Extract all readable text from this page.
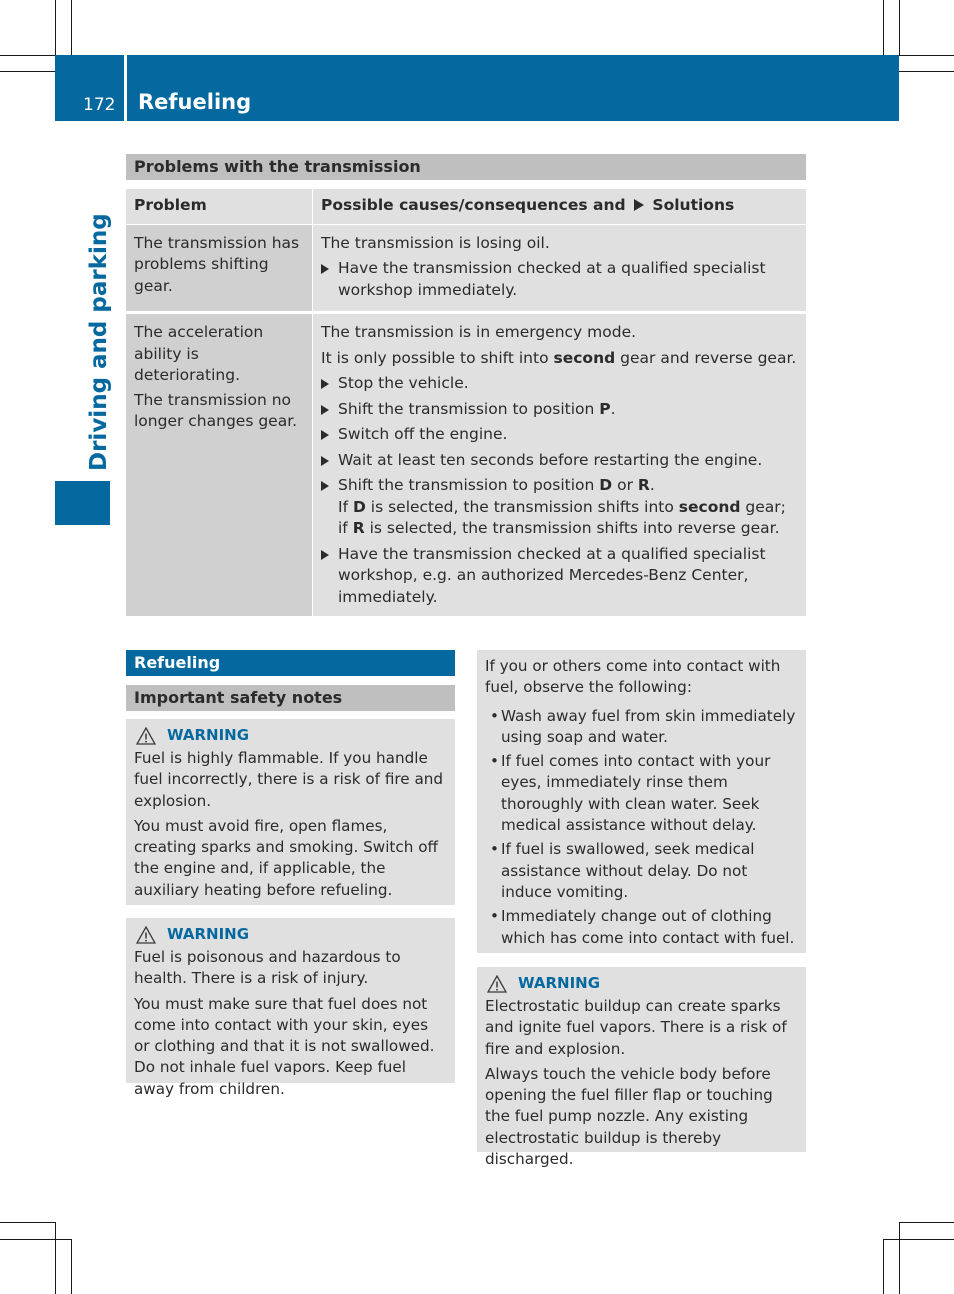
172 Refueling
Driving and parking
Problems with the transmission
Problem	Possible causes/consequences and Solutions

The transmission has problems shifting gear.

The transmission is losing oil.

Have the transmission checked at a qualified specialist workshop immediately.

The acceleration ability is deteriorating.

The transmission no longer changes gear.

The transmission is in emergency mode.

It is only possible to shift into second gear and reverse gear.

Stop the vehicle.
Shift the transmission to position P.
Switch off the engine.
Wait at least ten seconds before restarting the engine.
Shift the transmission to position D or R.
If D is selected, the transmission shifts into second gear; if R is selected, the transmission shifts into reverse gear.
Have the transmission checked at a qualified specialist workshop, e.g. an authorized Mercedes-Benz Center, immediately.
Refueling
Important safety notes
WARNING

Fuel is highly flammable. If you handle fuel incorrectly, there is a risk of fire and explosion.

You must avoid fire, open flames, creating sparks and smoking. Switch off the engine and, if applicable, the auxiliary heating before refueling.

WARNING

Fuel is poisonous and hazardous to health. There is a risk of injury.

You must make sure that fuel does not come into contact with your skin, eyes or clothing and that it is not swallowed. Do not inhale fuel vapors. Keep fuel away from children.

If you or others come into contact with fuel, observe the following:

• Wash away fuel from skin immediately using soap and water.
• If fuel comes into contact with your eyes, immediately rinse them thoroughly with clean water. Seek medical assistance without delay.
• If fuel is swallowed, seek medical assistance without delay. Do not induce vomiting.
• Immediately change out of clothing which has come into contact with fuel.
WARNING

Electrostatic buildup can create sparks and ignite fuel vapors. There is a risk of fire and explosion.

Always touch the vehicle body before opening the fuel filler flap or touching the fuel pump nozzle. Any existing electrostatic buildup is thereby discharged.
